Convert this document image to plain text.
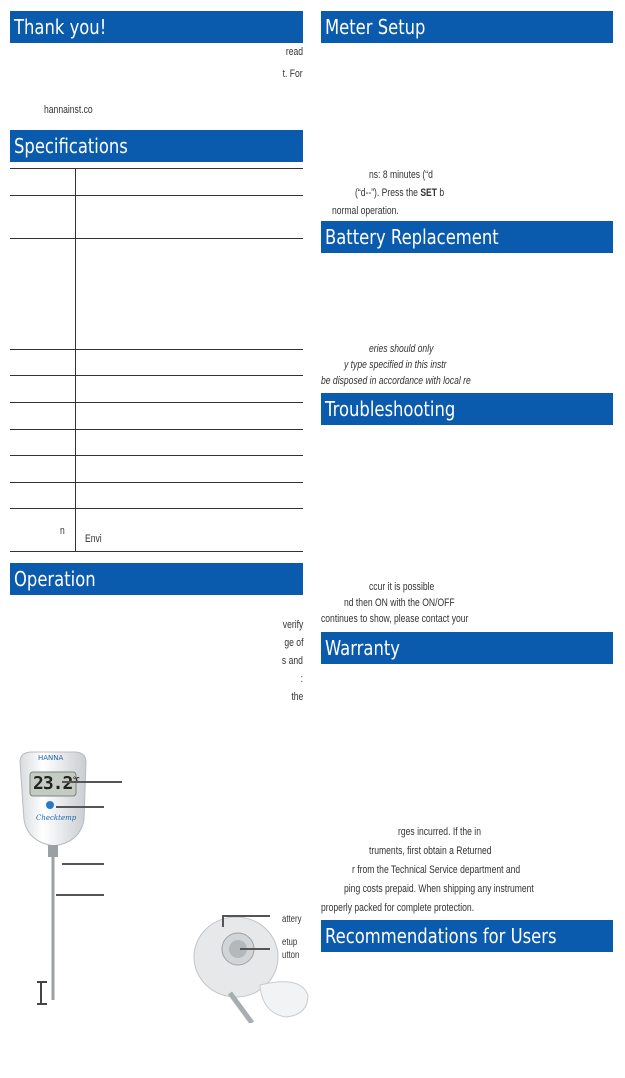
Thank you!
read
t. For
hannainst.co
Specifications
n
Envi
Operation
verify
ge of
s and
:
the
HANNA
$23.2^{^\circ C}$
Checktemp
attery
etup
utton
Meter Setup
ns: 8 minutes (“d
(“d--”). Press the SET b
normal operation.
Battery Replacement
eries should only
y type specified in this instr
be disposed in accordance with local re
Troubleshooting
ccur it is possible
nd then ON with the ON/OFF
continues to show, please contact your
Warranty
rges incurred. If the in
truments, first obtain a Returned
r from the Technical Service department and
ping costs prepaid. When shipping any instrument
properly packed for complete protection.
Recommendations for Users
